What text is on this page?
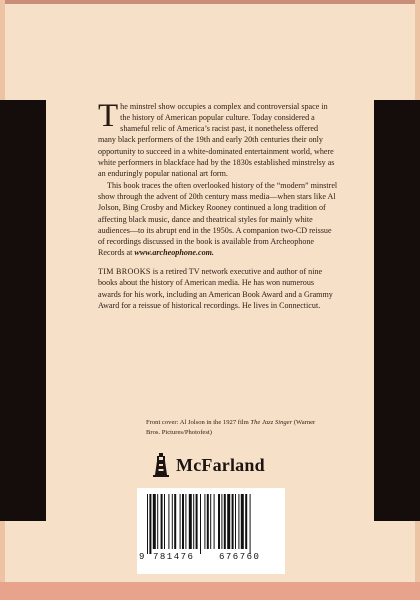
The minstrel show occupies a complex and controversial space in the history of American popular culture. Today considered a shameful relic of America’s racist past, it nonetheless offered many black performers of the 19th and early 20th centuries their only opportunity to succeed in a white-dominated entertainment world, where white performers in blackface had by the 1830s established minstrelsy as an enduringly popular national art form.

This book traces the often overlooked history of the “modern” minstrel show through the advent of 20th century mass media—when stars like Al Jolson, Bing Crosby and Mickey Rooney continued a long tradition of affecting black music, dance and theatrical styles for mainly white audiences—to its abrupt end in the 1950s. A companion two-CD reissue of recordings discussed in the book is available from Archeophone Records at www.archeophone.com.

TIM BROOKS is a retired TV network executive and author of nine books about the history of American media. He has won numerous awards for his work, including an American Book Award and a Grammy Award for a reissue of historical recordings. He lives in Connecticut.

Front cover: Al Jolson in the 1927 film The Jazz Singer (Warner Bros. Pictures/Photofest)
McFarland
9 781476	676760
